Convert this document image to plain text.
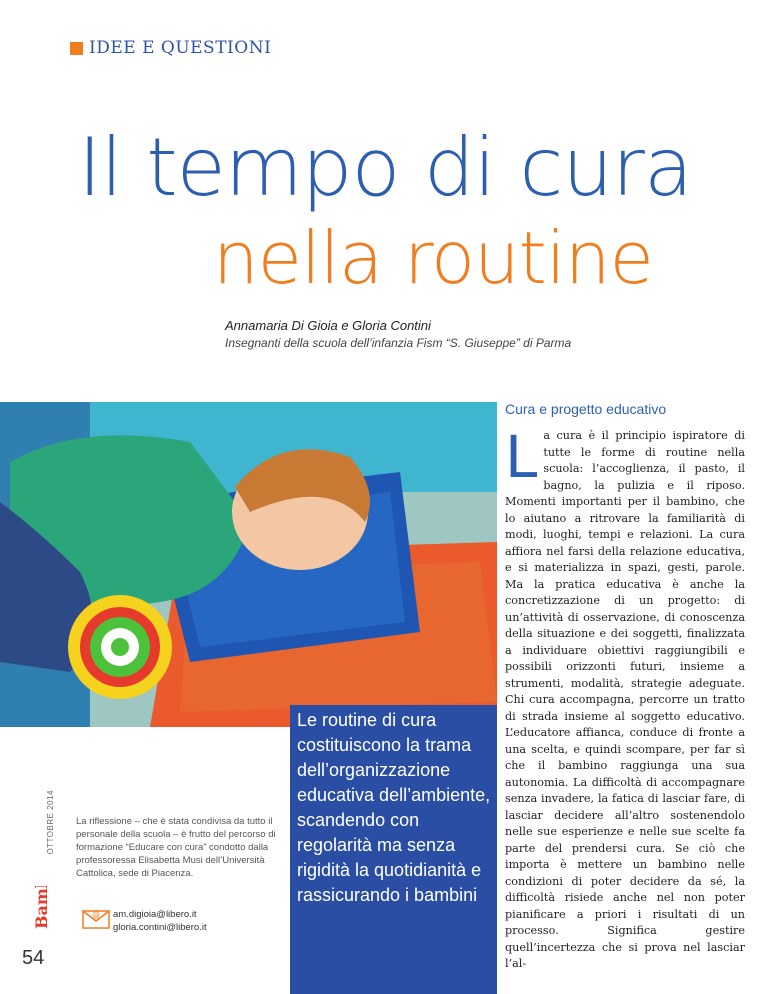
IDEE E QUESTIONI
Il tempo di cura
nella routine
Annamaria Di Gioia e Gloria Contini
Insegnanti della scuola dell’infanzia Fism “S. Giuseppe” di Parma
Le routine di cura costituiscono la trama dell’organizzazione educativa dell’ambiente, scandendo con regolarità ma senza rigidità la quotidianità e rassicurando i bambini
OTTOBRE 2014
Bambini
54
La riflessione – che è stata condivisa da tutto il personale della scuola – è frutto del percorso di formazione “Educare con cura” condotto dalla professoressa Elisabetta Musi dell’Università Cattolica, sede di Piacenza.
@ am.digioia@libero.it
gloria.contini@libero.it
Cura e progetto educativo
L a cura è il principio ispiratore di tutte le forme di routine nella scuola: l’accoglienza, il pasto, il bagno, la pulizia e il riposo. Momenti importanti per il bambino, che lo aiutano a ritrovare la familiarità di modi, luoghi, tempi e relazioni. La cura affiora nel farsi della relazione educativa, e si materializza in spazi, gesti, parole. Ma la pratica educativa è anche la concretizzazione di un progetto: di un’attività di osservazione, di conoscenza della situazione e dei soggetti, finalizzata a individuare obiettivi raggiungibili e possibili orizzonti futuri, insieme a strumenti, modalità, strategie adeguate. Chi cura accompagna, percorre un tratto di strada insieme al soggetto educativo. L’educatore affianca, conduce di fronte a una scelta, e quindi scompare, per far sì che il bambino raggiunga una sua autonomia. La difficoltà di accompagnare senza invadere, la fatica di lasciar fare, di lasciar decidere all’altro sostenendolo nelle sue esperienze e nelle sue scelte fa parte del prendersi cura. Se ciò che importa è mettere un bambino nelle condizioni di poter decidere da sé, la difficoltà risiede anche nel non poter pianificare a priori i risultati di un processo. Significa gestire quell’incertezza che si prova nel lasciar l’al-
